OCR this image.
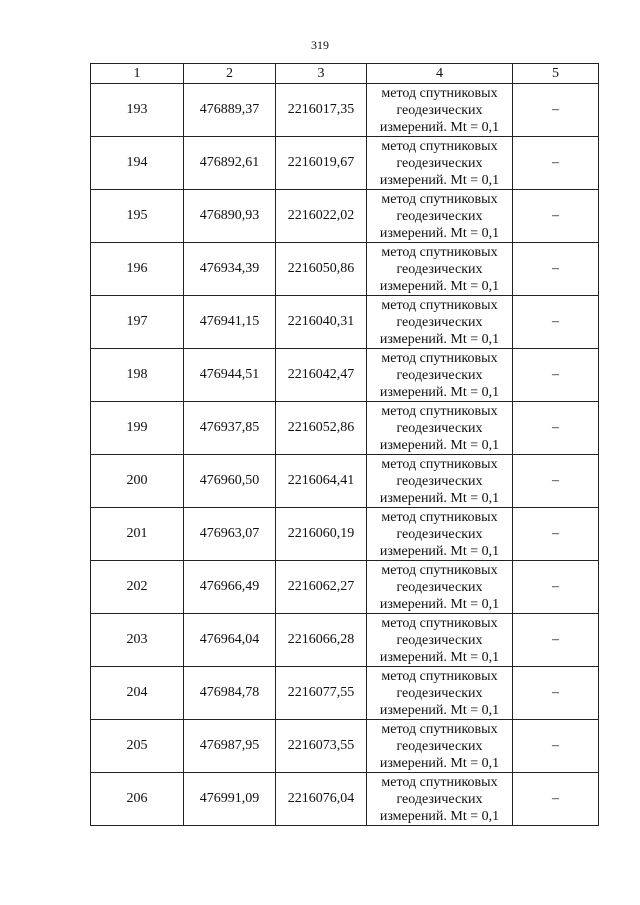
319
1	2	3	4	5
193	476889,37	2216017,35	метод спутниковых
геодезических
измерений. Mt = 0,1	–
194	476892,61	2216019,67	метод спутниковых
геодезических
измерений. Mt = 0,1	–
195	476890,93	2216022,02	метод спутниковых
геодезических
измерений. Mt = 0,1	–
196	476934,39	2216050,86	метод спутниковых
геодезических
измерений. Mt = 0,1	–
197	476941,15	2216040,31	метод спутниковых
геодезических
измерений. Mt = 0,1	–
198	476944,51	2216042,47	метод спутниковых
геодезических
измерений. Mt = 0,1	–
199	476937,85	2216052,86	метод спутниковых
геодезических
измерений. Mt = 0,1	–
200	476960,50	2216064,41	метод спутниковых
геодезических
измерений. Mt = 0,1	–
201	476963,07	2216060,19	метод спутниковых
геодезических
измерений. Mt = 0,1	–
202	476966,49	2216062,27	метод спутниковых
геодезических
измерений. Mt = 0,1	–
203	476964,04	2216066,28	метод спутниковых
геодезических
измерений. Mt = 0,1	–
204	476984,78	2216077,55	метод спутниковых
геодезических
измерений. Mt = 0,1	–
205	476987,95	2216073,55	метод спутниковых
геодезических
измерений. Mt = 0,1	–
206	476991,09	2216076,04	метод спутниковых
геодезических
измерений. Mt = 0,1	–
